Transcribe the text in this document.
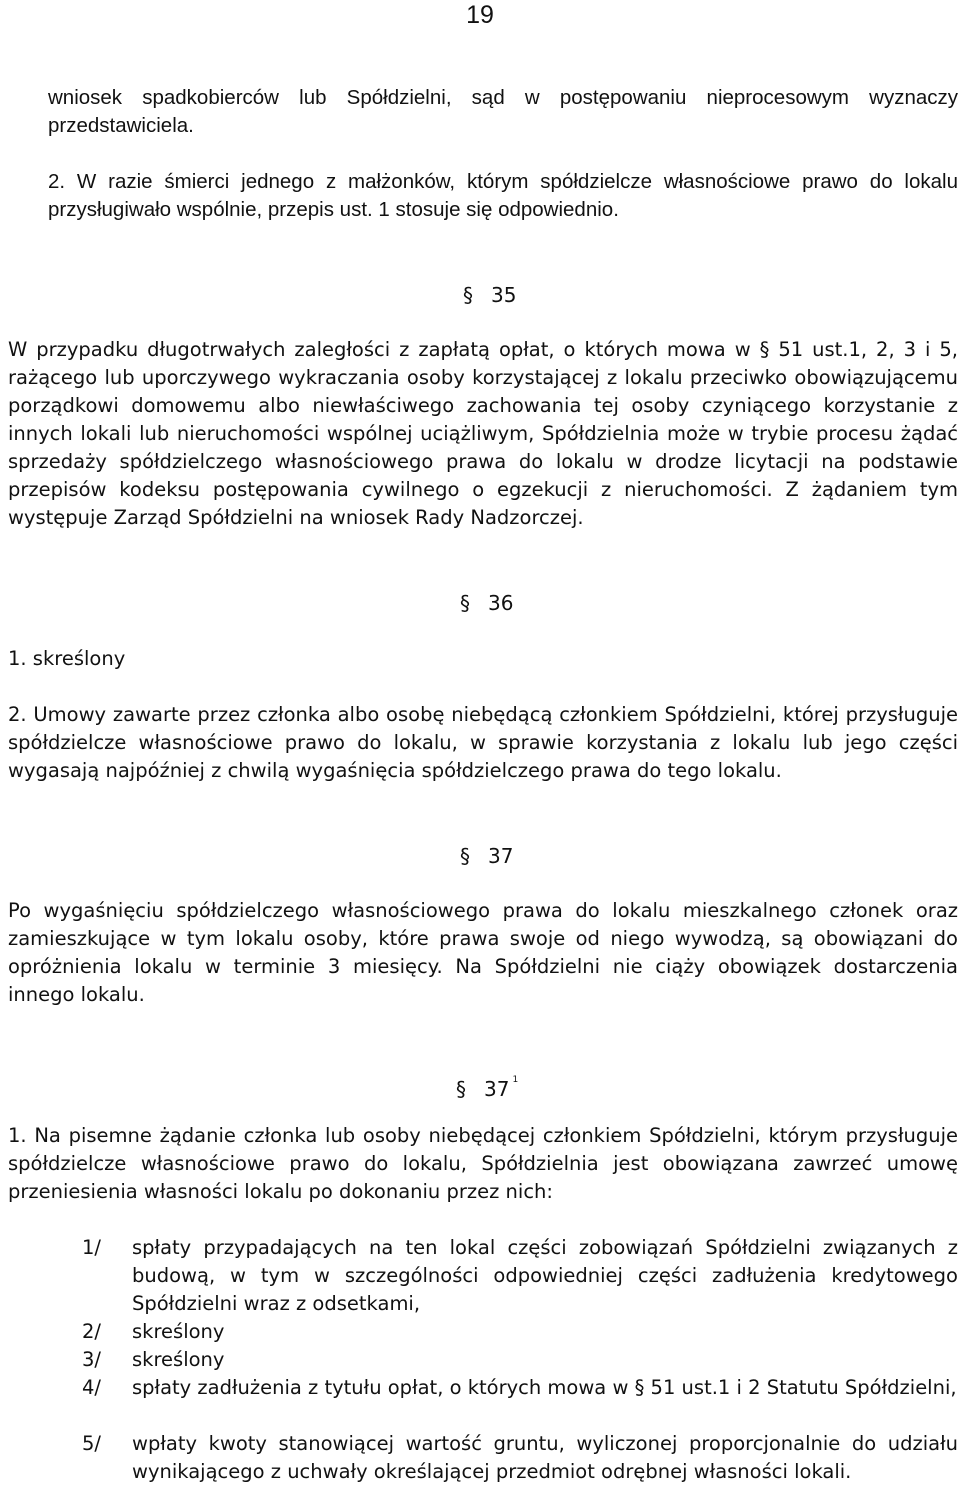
19
wniosek spadkobierców lub Spółdzielni, sąd w postępowaniu nieprocesowym wyznaczy przedstawiciela.
2. W razie śmierci jednego z małżonków, którym spółdzielcze własnościowe prawo do lokalu przysługiwało wspólnie, przepis ust. 1 stosuje się odpowiednio.
§ 35
W przypadku długotrwałych zaległości z zapłatą opłat, o których mowa w § 51 ust.1, 2, 3 i 5, rażącego lub uporczywego wykraczania osoby korzystającej z lokalu przeciwko obowiązującemu porządkowi domowemu albo niewłaściwego zachowania tej osoby czyniącego korzystanie z innych lokali lub nieruchomości wspólnej uciążliwym, Spółdzielnia może w trybie procesu żądać sprzedaży spółdzielczego własnościowego prawa do lokalu w drodze licytacji na podstawie przepisów kodeksu postępowania cywilnego o egzekucji z nieruchomości. Z żądaniem tym występuje Zarząd Spółdzielni na wniosek Rady Nadzorczej.
§ 36
1. skreślony
2. Umowy zawarte przez członka albo osobę niebędącą członkiem Spółdzielni, której przysługuje spółdzielcze własnościowe prawo do lokalu, w sprawie korzystania z lokalu lub jego części wygasają najpóźniej z chwilą wygaśnięcia spółdzielczego prawa do tego lokalu.
§ 37
Po wygaśnięciu spółdzielczego własnościowego prawa do lokalu mieszkalnego członek oraz zamieszkujące w tym lokalu osoby, które prawa swoje od niego wywodzą, są obowiązani do opróżnienia lokalu w terminie 3 miesięcy. Na Spółdzielni nie ciąży obowiązek dostarczenia innego lokalu.
§ 37 $^1$
1. Na pisemne żądanie członka lub osoby niebędącej członkiem Spółdzielni, którym przysługuje spółdzielcze własnościowe prawo do lokalu, Spółdzielnia jest obowiązana zawrzeć umowę przeniesienia własności lokalu po dokonaniu przez nich:
1/ spłaty przypadających na ten lokal części zobowiązań Spółdzielni związanych z budową, w tym w szczególności odpowiedniej części zadłużenia kredytowego Spółdzielni wraz z odsetkami,
2/ skreślony
3/ skreślony
4/ spłaty zadłużenia z tytułu opłat, o których mowa w § 51 ust.1 i 2 Statutu Spółdzielni,
5/ wpłaty kwoty stanowiącej wartość gruntu, wyliczonej proporcjonalnie do udziału wynikającego z uchwały określającej przedmiot odrębnej własności lokali.
